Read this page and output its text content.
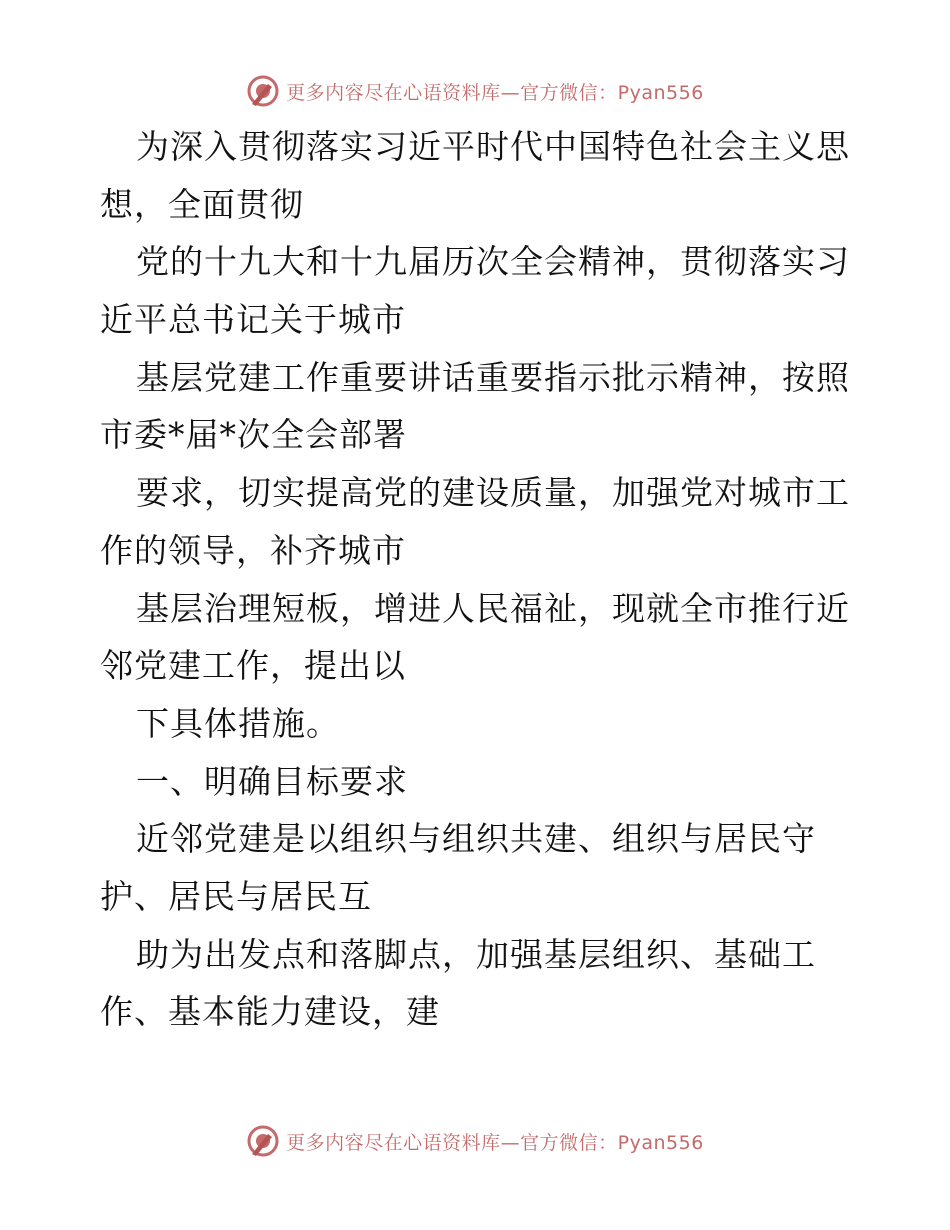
更多内容尽在心语资料库—官方微信：Pyan556
为深入贯彻落实习近平时代中国特色社会主义思
想，全面贯彻
党的十九大和十九届历次全会精神，贯彻落实习
近平总书记关于城市
基层党建工作重要讲话重要指示批示精神，按照
市委*届*次全会部署
要求，切实提高党的建设质量，加强党对城市工
作的领导，补齐城市
基层治理短板，增进人民福祉，现就全市推行近
邻党建工作，提出以
下具体措施。
一、明确目标要求
近邻党建是以组织与组织共建、组织与居民守
护、居民与居民互
助为出发点和落脚点，加强基层组织、基础工
作、基本能力建设，建
更多内容尽在心语资料库—官方微信：Pyan556
